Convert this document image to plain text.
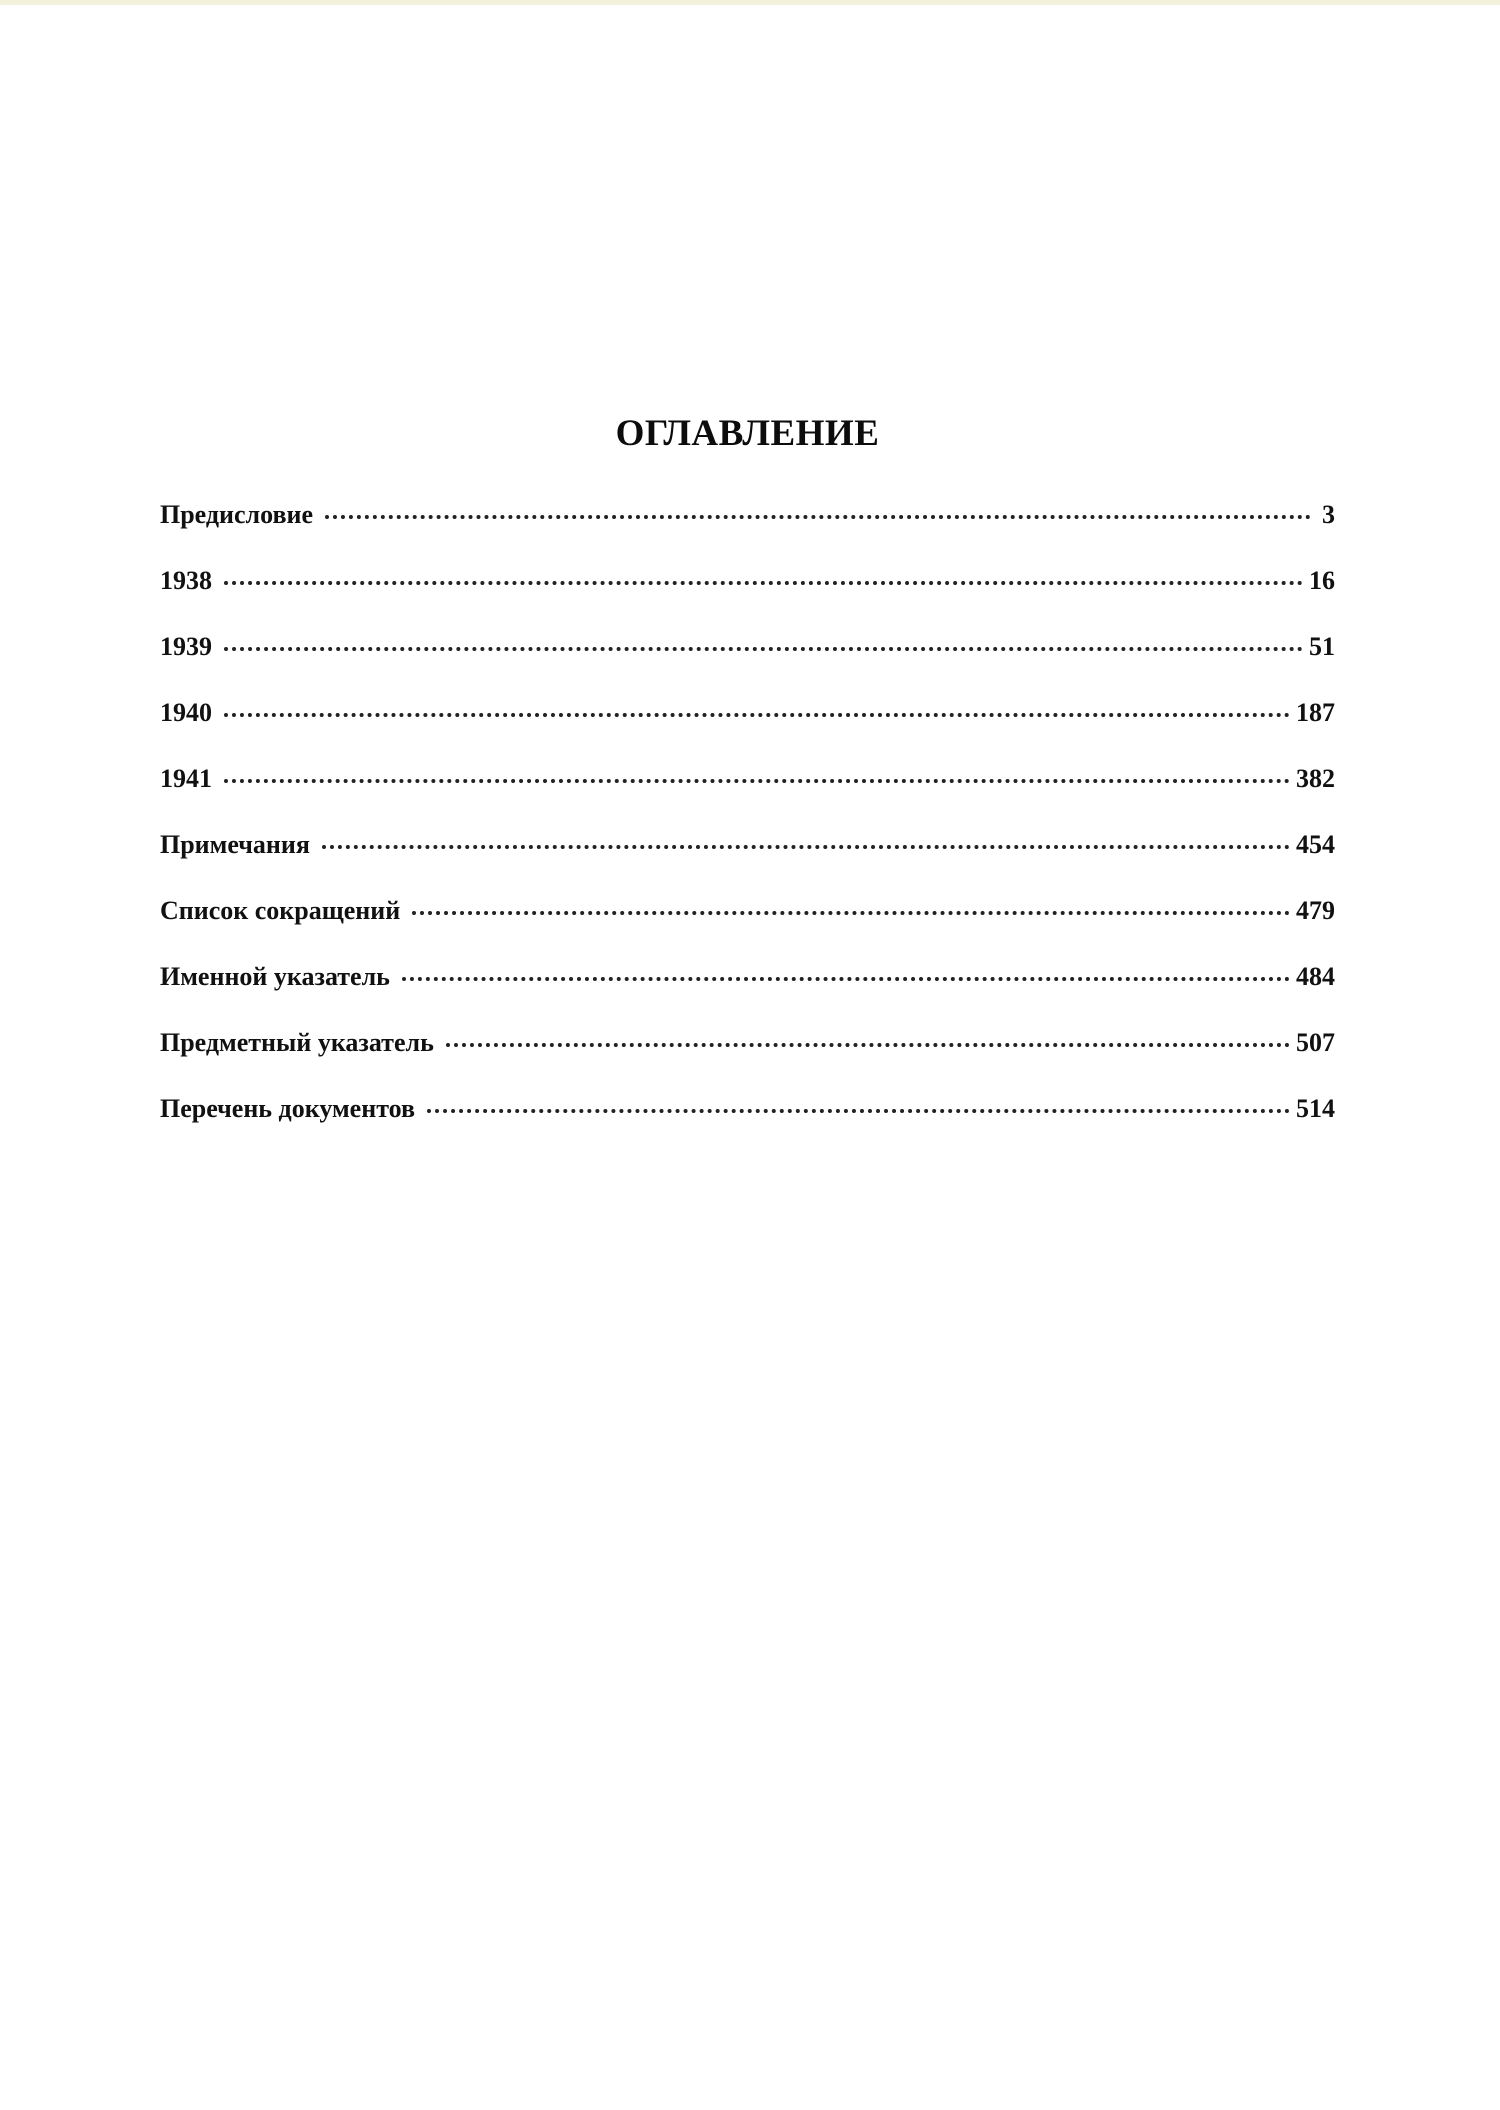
ОГЛАВЛЕНИЕ
Предисловие	3
1938	16
1939	51
1940	187
1941	382
Примечания	454
Список сокращений	479
Именной указатель	484
Предметный указатель	507
Перечень документов	514
